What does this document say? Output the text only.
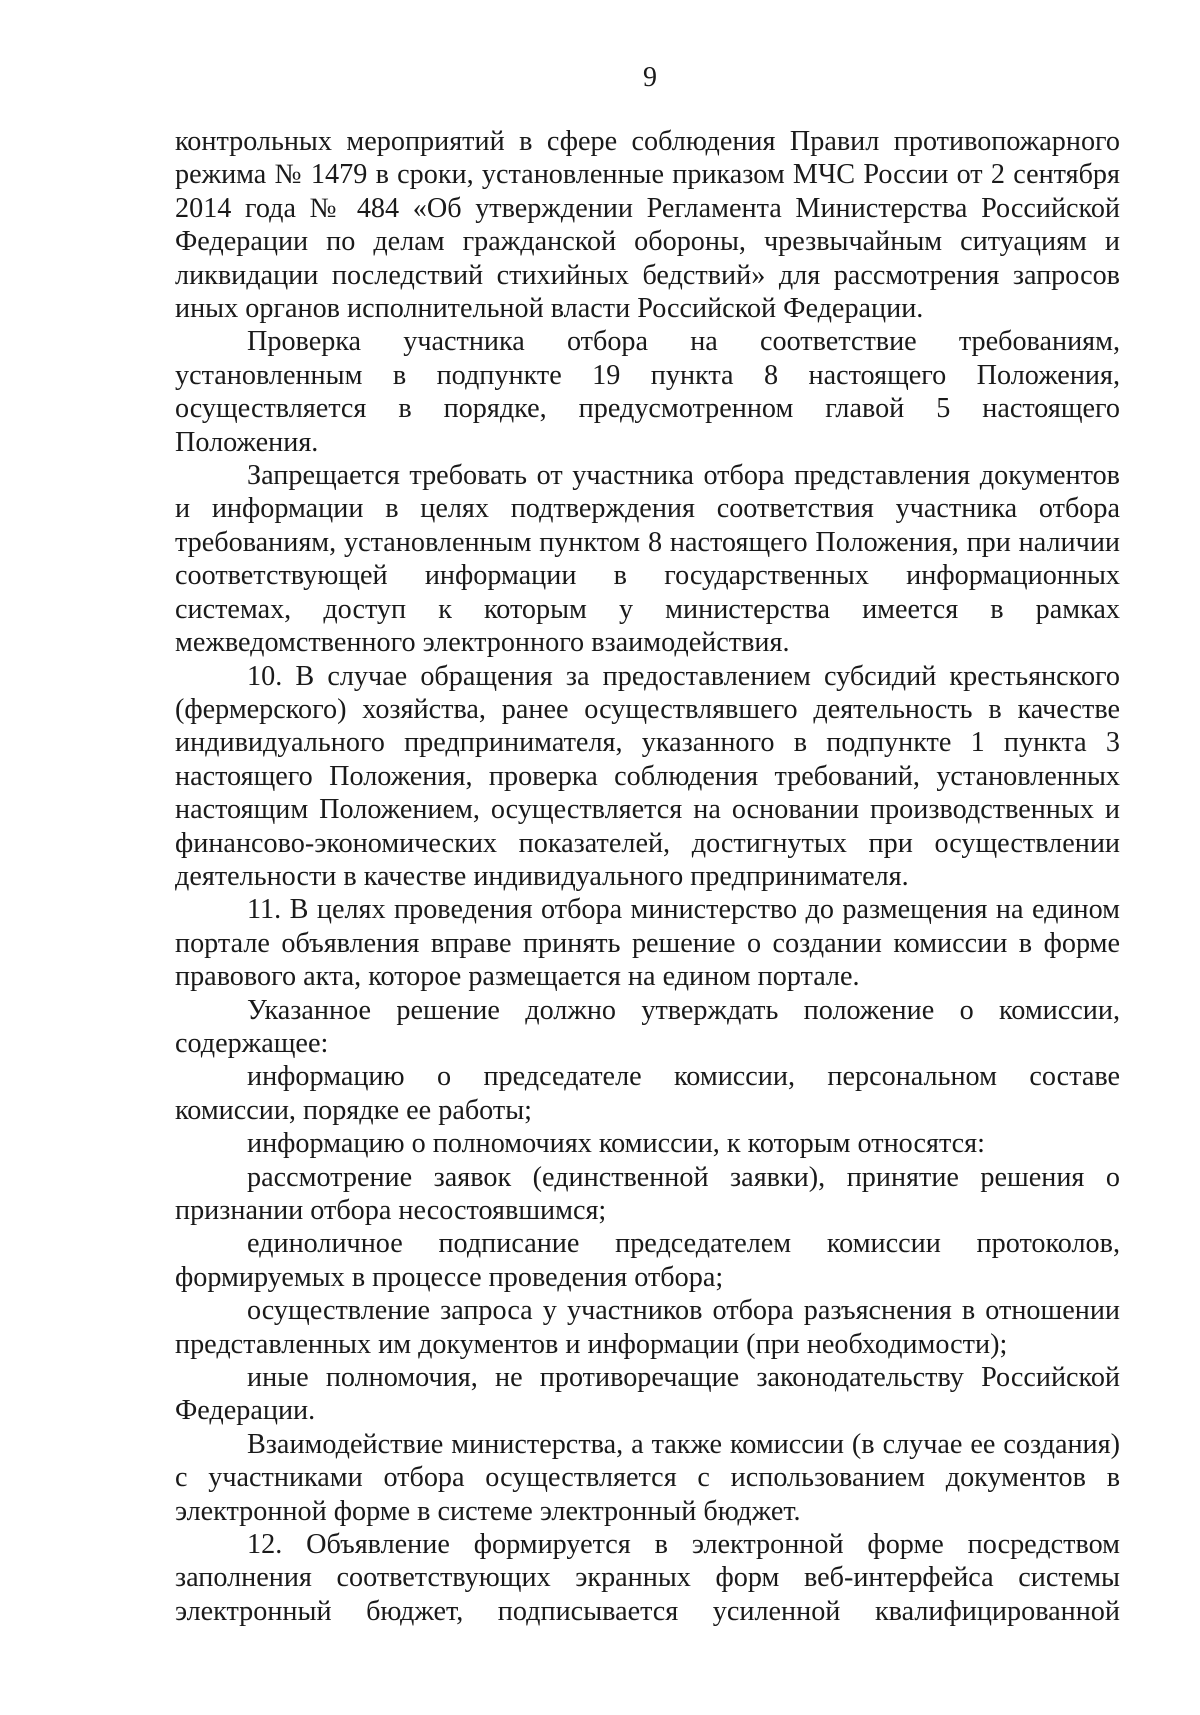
9

контрольных мероприятий в сфере соблюдения Правил противопожарного режима № 1479 в сроки, установленные приказом МЧС России от 2 сентября 2014 года № 484 «Об утверждении Регламента Министерства Российской Федерации по делам гражданской обороны, чрезвычайным ситуациям и ликвидации последствий стихийных бедствий» для рассмотрения запросов иных органов исполнительной власти Российской Федерации.

Проверка участника отбора на соответствие требованиям, установленным в подпункте 19 пункта 8 настоящего Положения, осуществляется в порядке, предусмотренном главой 5 настоящего Положения.

Запрещается требовать от участника отбора представления документов и информации в целях подтверждения соответствия участника отбора требованиям, установленным пунктом 8 настоящего Положения, при наличии соответствующей информации в государственных информационных системах, доступ к которым у министерства имеется в рамках межведомственного электронного взаимодействия.

10. В случае обращения за предоставлением субсидий крестьянского (фермерского) хозяйства, ранее осуществлявшего деятельность в качестве индивидуального предпринимателя, указанного в подпункте 1 пункта 3 настоящего Положения, проверка соблюдения требований, установленных настоящим Положением, осуществляется на основании производственных и финансово-экономических показателей, достигнутых при осуществлении деятельности в качестве индивидуального предпринимателя.

11. В целях проведения отбора министерство до размещения на едином портале объявления вправе принять решение о создании комиссии в форме правового акта, которое размещается на едином портале.

Указанное решение должно утверждать положение о комиссии, содержащее:

информацию о председателе комиссии, персональном составе комиссии, порядке ее работы;

информацию о полномочиях комиссии, к которым относятся:

рассмотрение заявок (единственной заявки), принятие решения о признании отбора несостоявшимся;

единоличное подписание председателем комиссии протоколов, формируемых в процессе проведения отбора;

осуществление запроса у участников отбора разъяснения в отношении представленных им документов и информации (при необходимости);

иные полномочия, не противоречащие законодательству Российской Федерации.

Взаимодействие министерства, а также комиссии (в случае ее создания) с участниками отбора осуществляется с использованием документов в электронной форме в системе электронный бюджет.

12. Объявление формируется в электронной форме посредством заполнения соответствующих экранных форм веб-интерфейса системы электронный бюджет, подписывается усиленной квалифицированной
